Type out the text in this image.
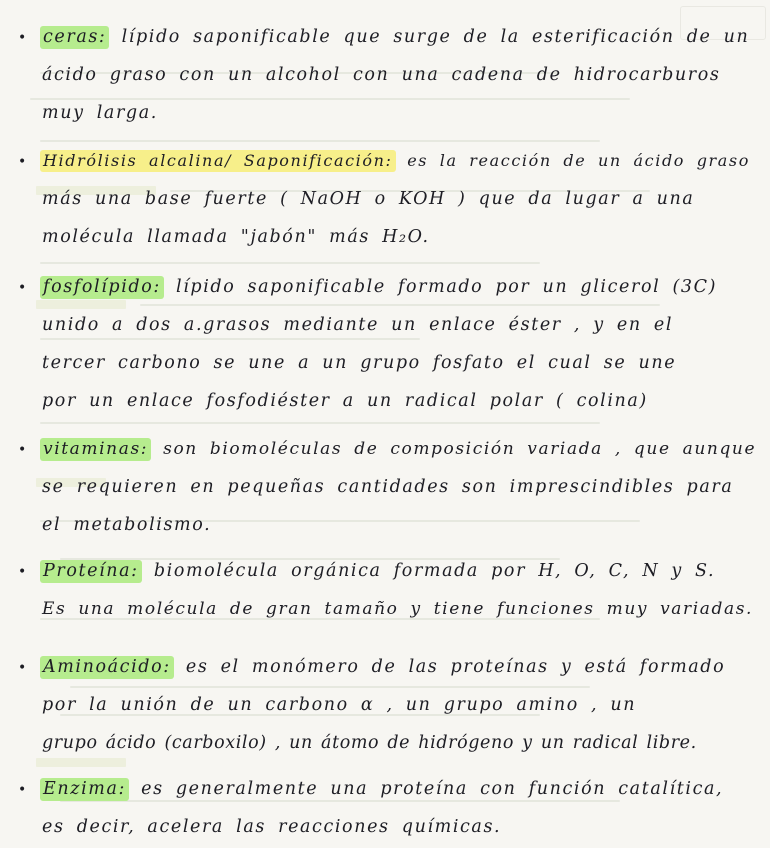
• ceras: lípido saponificable que surge de la esterificación de un
ácido graso con un alcohol con una cadena de hidrocarburos
muy larga.
• Hidrólisis alcalina/ Saponificación: es la reacción de un ácido graso
más una base fuerte ( NaOH o KOH ) que da lugar a una
molécula llamada "jabón" más H₂O.
• fosfolípido: lípido saponificable formado por un glicerol (3C)
unido a dos a.grasos mediante un enlace éster , y en el
tercer carbono se une a un grupo fosfato el cual se une
por un enlace fosfodiéster a un radical polar ( colina)
• vitaminas: son biomoléculas de composición variada , que aunque
se requieren en pequeñas cantidades son imprescindibles para
el metabolismo.
• Proteína: biomolécula orgánica formada por H, O, C, N y S.
Es una molécula de gran tamaño y tiene funciones muy variadas.
• Aminoácido: es el monómero de las proteínas y está formado
por la unión de un carbono α , un grupo amino , un
grupo ácido (carboxilo) , un átomo de hidrógeno y un radical libre.
• Enzima: es generalmente una proteína con función catalítica,
es decir, acelera las reacciones químicas.
